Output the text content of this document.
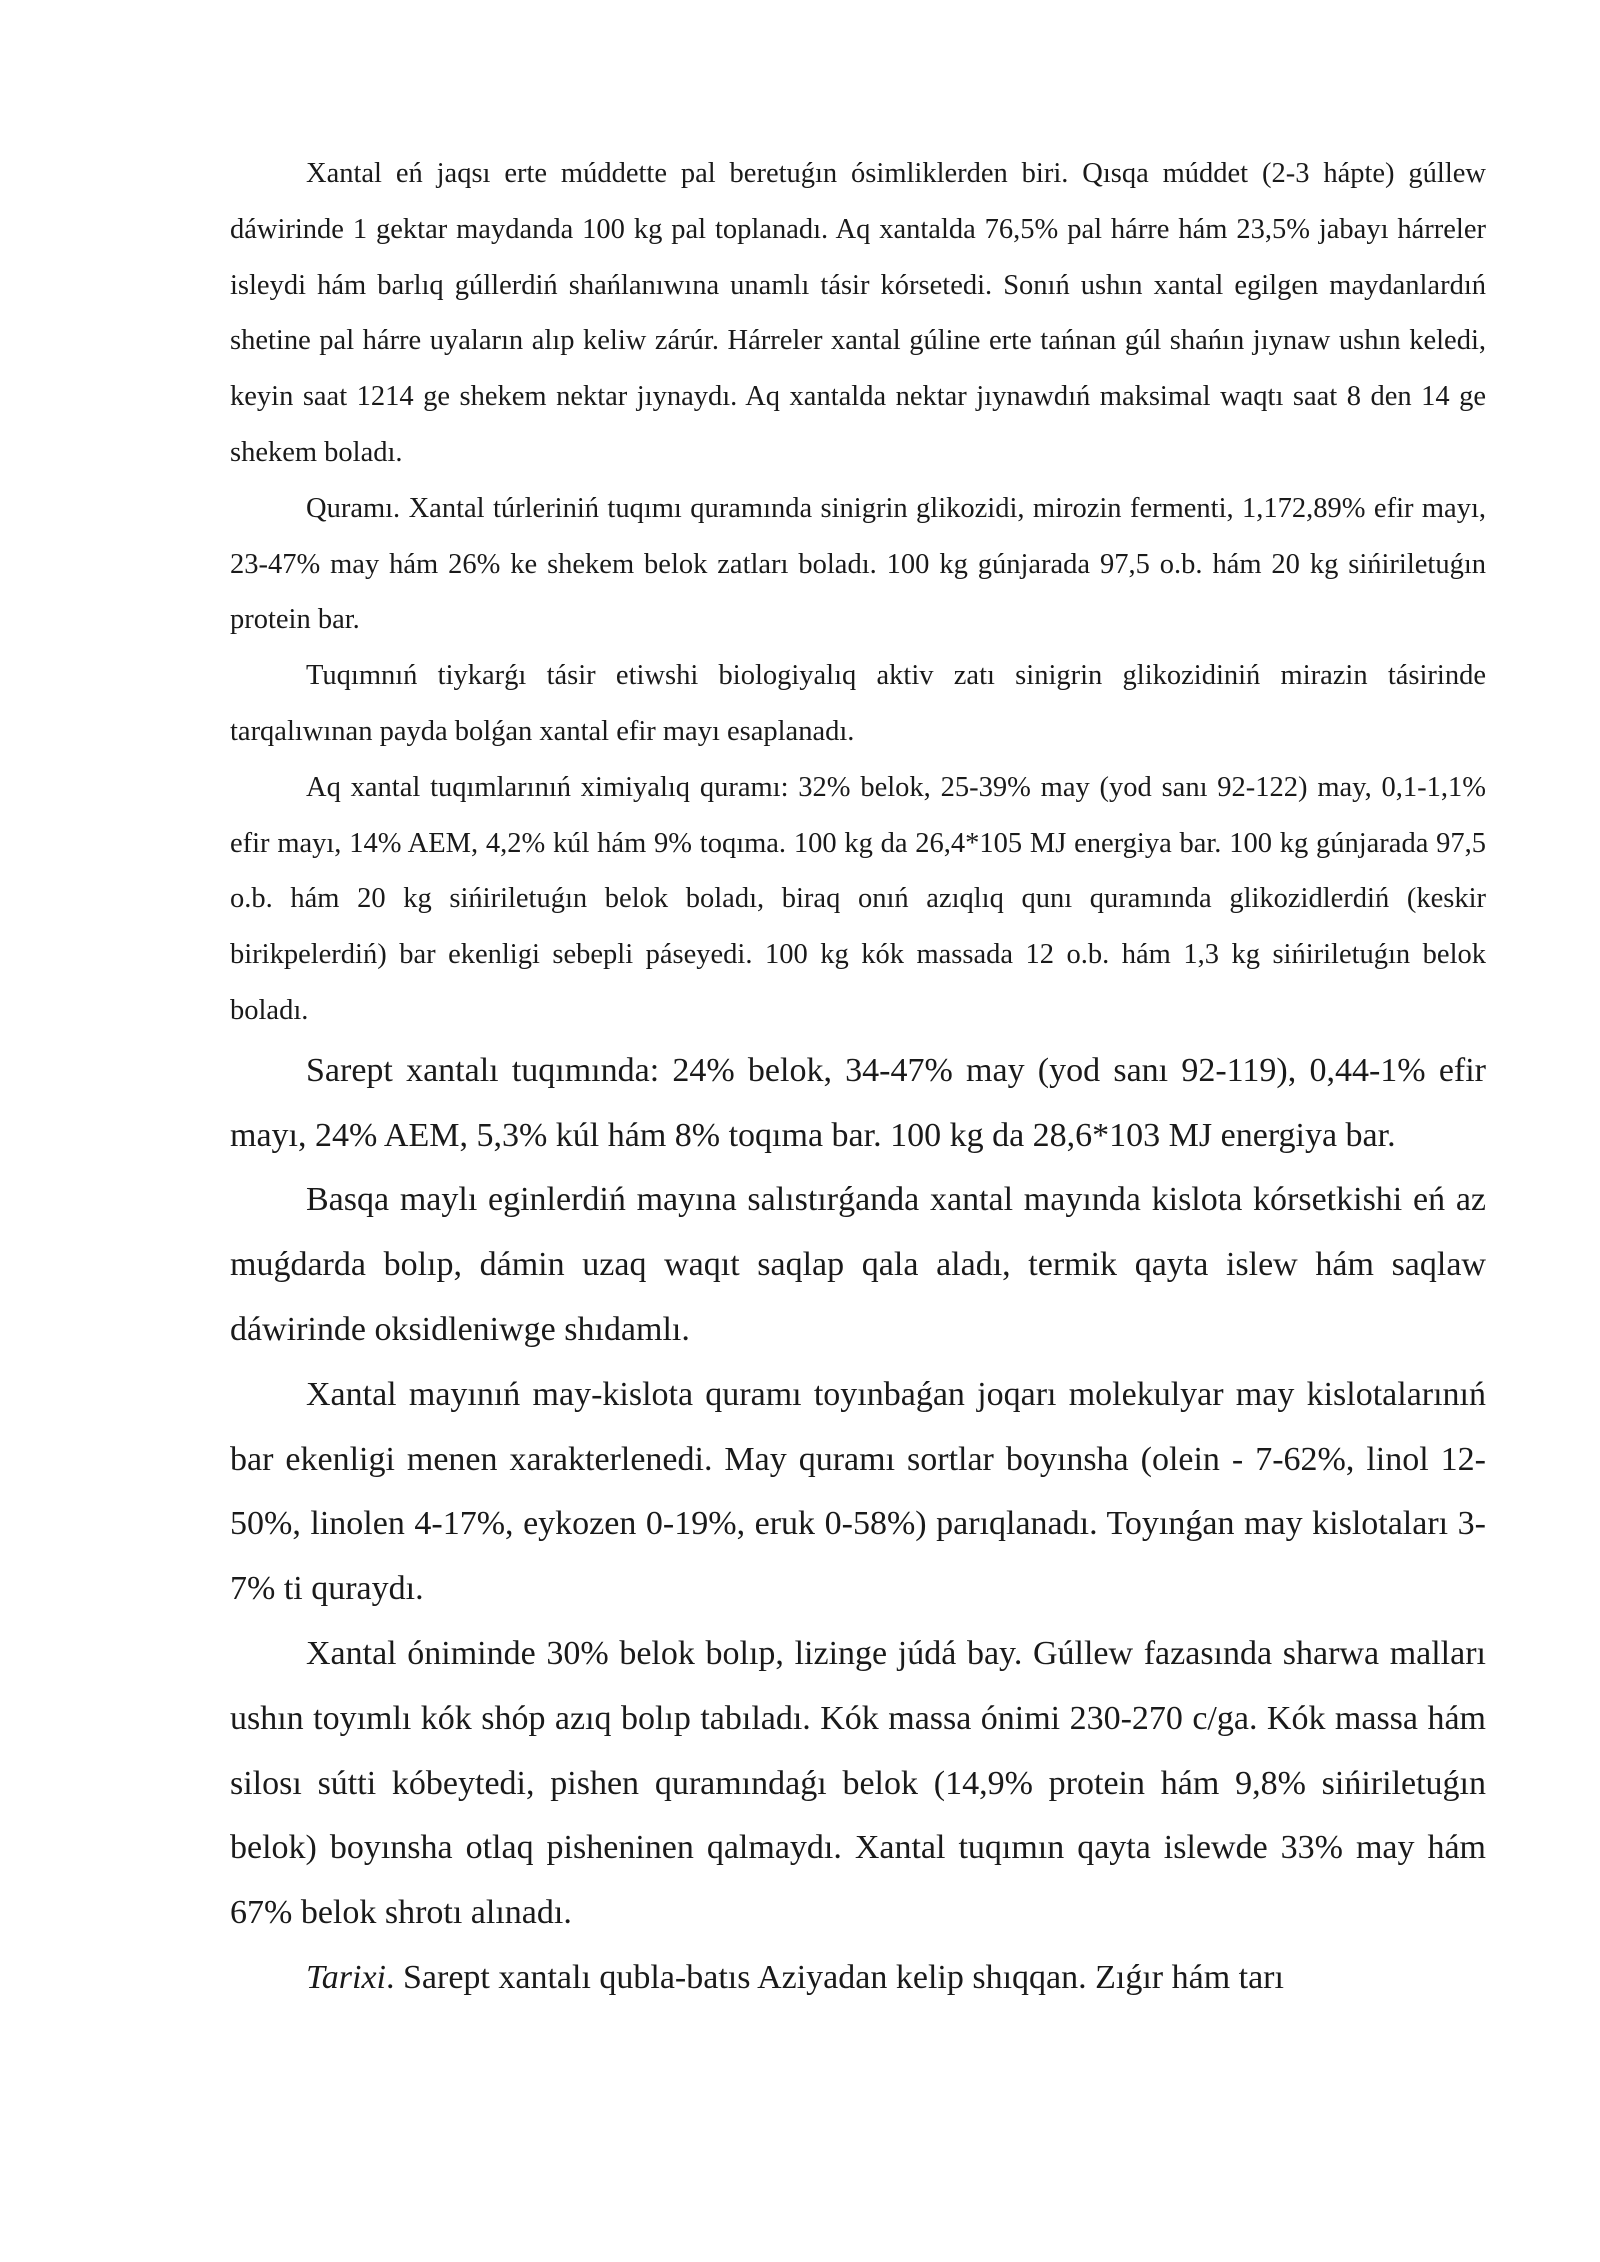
Xantal eń jaqsı erte múddette pal beretuǵın ósimliklerden biri. Qısqa múddet (2-3 hápte) gúllew dáwirinde 1 gektar maydanda 100 kg pal toplanadı. Aq xantalda 76,5% pal hárre hám 23,5% jabayı hárreler isleydi hám barlıq gúllerdiń shańlanıwına unamlı tásir kórsetedi. Sonıń ushın xantal egilgen maydanlardıń shetine pal hárre uyaların alıp keliw zárúr. Hárreler xantal gúline erte tańnan gúl shańın jıynaw ushın keledi, keyin saat 1214 ge shekem nektar jıynaydı. Aq xantalda nektar jıynawdıń maksimal waqtı saat 8 den 14 ge shekem boladı.

Quramı. Xantal túrleriniń tuqımı quramında sinigrin glikozidi, mirozin fermenti, 1,172,89% efir mayı, 23-47% may hám 26% ke shekem belok zatları boladı. 100 kg gúnjarada 97,5 o.b. hám 20 kg sińiriletuǵın protein bar.

Tuqımnıń tiykarǵı tásir etiwshi biologiyalıq aktiv zatı sinigrin glikozidiniń mirazin tásirinde tarqalıwınan payda bolǵan xantal efir mayı esaplanadı.

Aq xantal tuqımlarınıń ximiyalıq quramı: 32% belok, 25-39% may (yod sanı 92-122) may, 0,1-1,1% efir mayı, 14% AEM, 4,2% kúl hám 9% toqıma. 100 kg da 26,4*105 MJ energiya bar. 100 kg gúnjarada 97,5 o.b. hám 20 kg sińiriletuǵın belok boladı, biraq onıń azıqlıq qunı quramında glikozidlerdiń (keskir birikpelerdiń) bar ekenligi sebepli páseyedi. 100 kg kók massada 12 o.b. hám 1,3 kg sińiriletuǵın belok boladı.

Sarept xantalı tuqımında: 24% belok, 34-47% may (yod sanı 92-119), 0,44-1% efir mayı, 24% AEM, 5,3% kúl hám 8% toqıma bar. 100 kg da 28,6*103 MJ energiya bar.

Basqa maylı eginlerdiń mayına salıstırǵanda xantal mayında kislota kórsetkishi eń az muǵdarda bolıp, dámin uzaq waqıt saqlap qala aladı, termik qayta islew hám saqlaw dáwirinde oksidleniwge shıdamlı.

Xantal mayınıń may-kislota quramı toyınbaǵan joqarı molekulyar may kislotalarınıń bar ekenligi menen xarakterlenedi. May quramı sortlar boyınsha (olein - 7-62%, linol 12-50%, linolen 4-17%, eykozen 0-19%, eruk 0-58%) parıqlanadı. Toyınǵan may kislotaları 3-7% ti quraydı.

Xantal óniminde 30% belok bolıp, lizinge júdá bay. Gúllew fazasında sharwa malları ushın toyımlı kók shóp azıq bolıp tabıladı. Kók massa ónimi 230-270 c/ga. Kók massa hám silosı sútti kóbeytedi, pishen quramındaǵı belok (14,9% protein hám 9,8% sińiriletuǵın belok) boyınsha otlaq pisheninen qalmaydı. Xantal tuqımın qayta islewde 33% may hám 67% belok shrotı alınadı.

Tarixi. Sarept xantalı qubla-batıs Aziyadan kelip shıqqan. Zıǵır hám tarı
